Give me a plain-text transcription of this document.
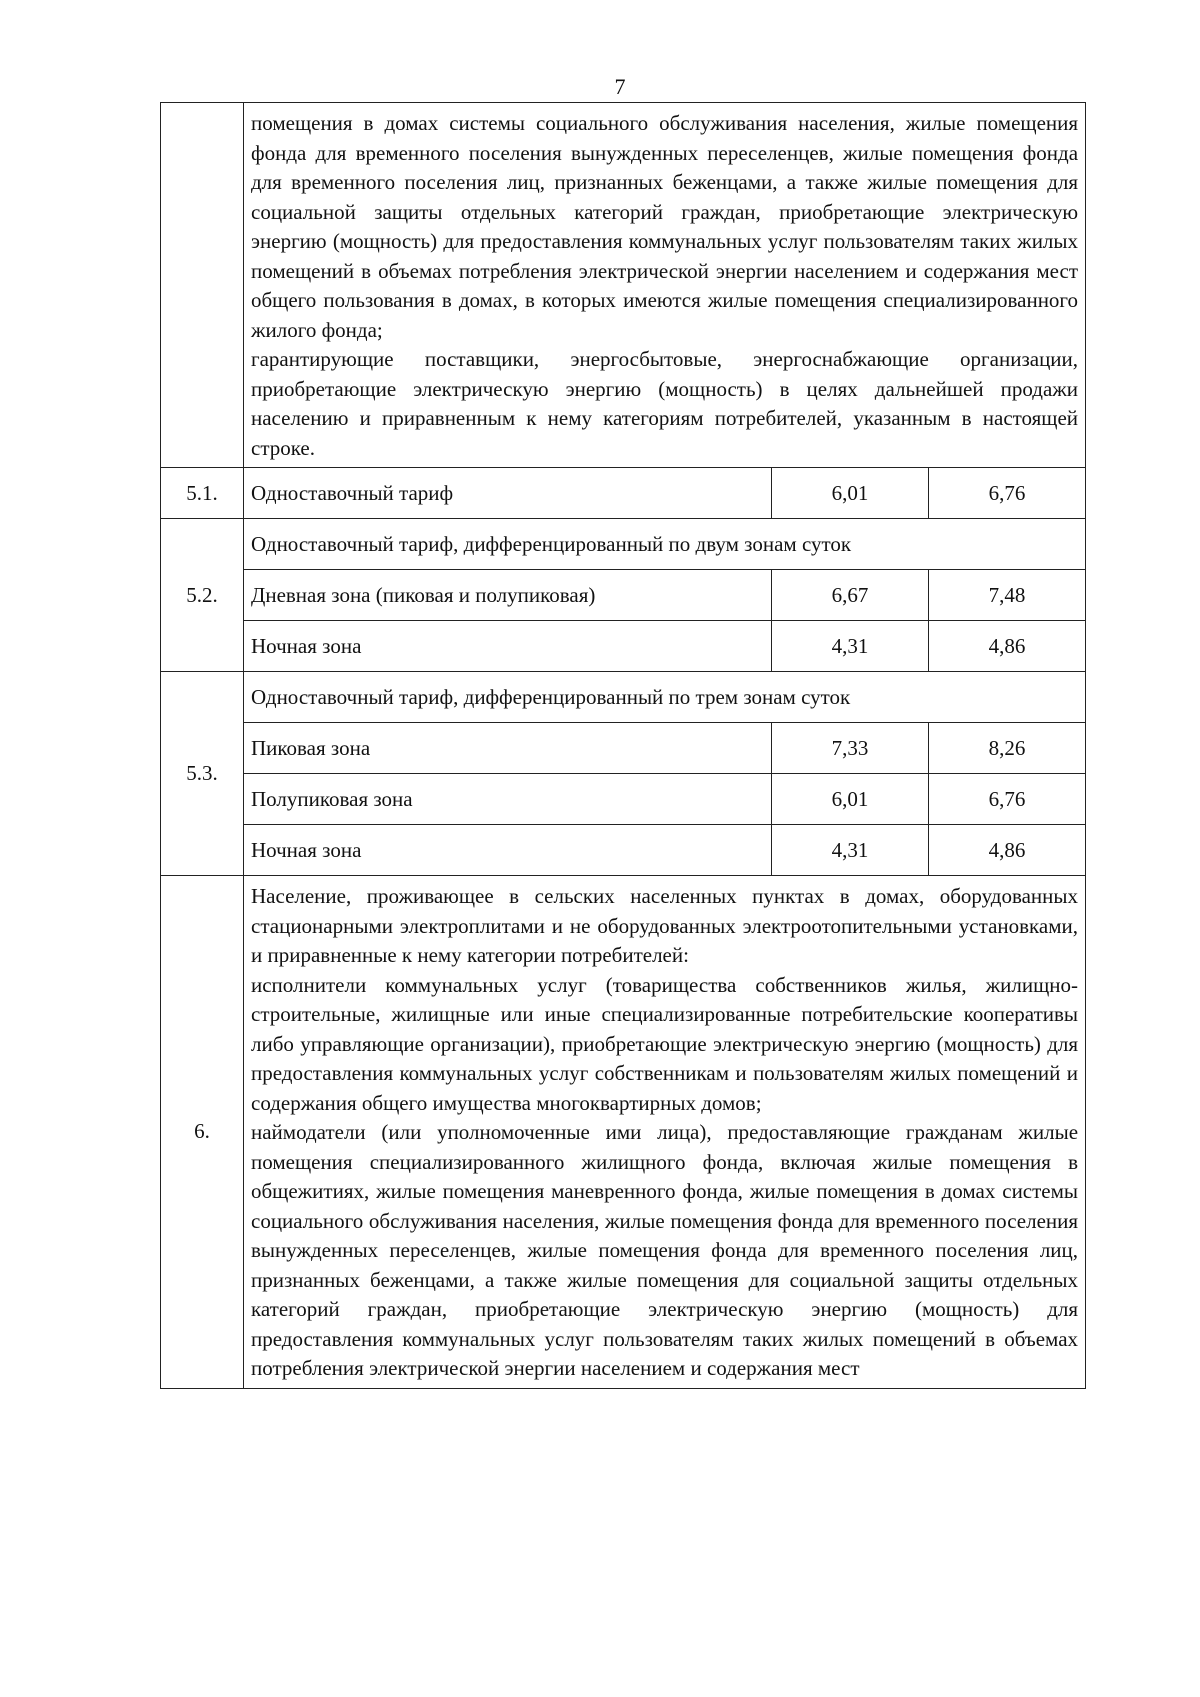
7

	помещения в домах системы социального обслуживания населения, жилые помещения фонда для временного поселения вынужденных переселенцев, жилые помещения фонда для временного поселения лиц, признанных беженцами, а также жилые помещения для социальной защиты отдельных категорий граждан, приобретающие электрическую энергию (мощность) для предоставления коммунальных услуг пользователям таких жилых помещений в объемах потребления электрической энергии населением и содержания мест общего пользования в домах, в которых имеются жилые помещения специализированного жилого фонда;

гарантирующие поставщики, энергосбытовые, энергоснабжающие организации, приобретающие электрическую энергию (мощность) в целях дальнейшей продажи населению и приравненным к нему категориям потребителей, указанным в настоящей строке.		

5.1.	Одноставочный тариф	6,01	6,76
5.2.	Одноставочный тариф, дифференцированный по двум зонам суток		
	Дневная зона (пиковая и полупиковая)	6,67	7,48
	Ночная зона	4,31	4,86
5.3.	Одноставочный тариф, дифференцированный по трем зонам суток		
	Пиковая зона	7,33	8,26
	Полупиковая зона	6,01	6,76
	Ночная зона	4,31	4,86
6.	Население, проживающее в сельских населенных пунктах в домах, оборудованных стационарными электроплитами и не оборудованных электроотопительными установками, и приравненные к нему категории потребителей:

исполнители коммунальных услуг (товарищества собственников жилья, жилищно-строительные, жилищные или иные специализированные потребительские кооперативы либо управляющие организации), приобретающие электрическую энергию (мощность) для предоставления коммунальных услуг собственникам и пользователям жилых помещений и содержания общего имущества многоквартирных домов;

наймодатели (или уполномоченные ими лица), предоставляющие гражданам жилые помещения специализированного жилищного фонда, включая жилые помещения в общежитиях, жилые помещения маневренного фонда, жилые помещения в домах системы социального обслуживания населения, жилые помещения фонда для временного поселения вынужденных переселенцев, жилые помещения фонда для временного поселения лиц, признанных беженцами, а также жилые помещения для социальной защиты отдельных категорий граждан, приобретающие электрическую энергию (мощность) для предоставления коммунальных услуг пользователям таких жилых помещений в объемах потребления электрической энергии населением и содержания мест		
